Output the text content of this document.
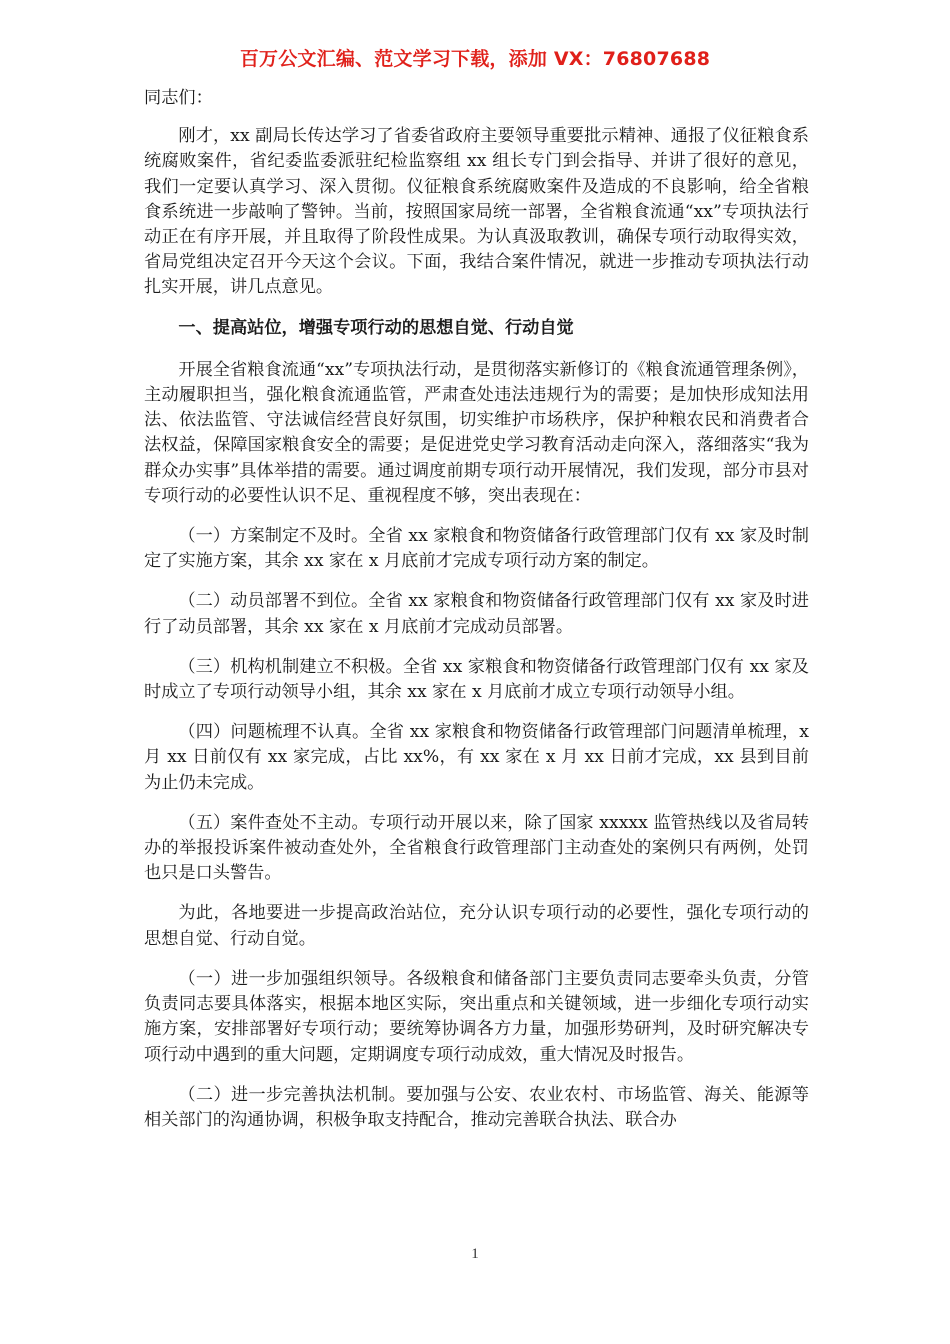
百万公文汇编、范文学习下载，添加 VX：76807688

同志们：

刚才，xx 副局长传达学习了省委省政府主要领导重要批示精神、通报了仪征粮食系统腐败案件，省纪委监委派驻纪检监察组 xx 组长专门到会指导、并讲了很好的意见，我们一定要认真学习、深入贯彻。仪征粮食系统腐败案件及造成的不良影响，给全省粮食系统进一步敲响了警钟。当前，按照国家局统一部署，全省粮食流通“xx”专项执法行动正在有序开展，并且取得了阶段性成果。为认真汲取教训，确保专项行动取得实效，省局党组决定召开今天这个会议。下面，我结合案件情况，就进一步推动专项执法行动扎实开展，讲几点意见。

一、提高站位，增强专项行动的思想自觉、行动自觉

开展全省粮食流通“xx”专项执法行动，是贯彻落实新修订的《粮食流通管理条例》，主动履职担当，强化粮食流通监管，严肃查处违法违规行为的需要；是加快形成知法用法、依法监管、守法诚信经营良好氛围，切实维护市场秩序，保护种粮农民和消费者合法权益，保障国家粮食安全的需要；是促进党史学习教育活动走向深入，落细落实“我为群众办实事”具体举措的需要。通过调度前期专项行动开展情况，我们发现，部分市县对专项行动的必要性认识不足、重视程度不够，突出表现在：

（一）方案制定不及时。全省 xx 家粮食和物资储备行政管理部门仅有 xx 家及时制定了实施方案，其余 xx 家在 x 月底前才完成专项行动方案的制定。

（二）动员部署不到位。全省 xx 家粮食和物资储备行政管理部门仅有 xx 家及时进行了动员部署，其余 xx 家在 x 月底前才完成动员部署。

（三）机构机制建立不积极。全省 xx 家粮食和物资储备行政管理部门仅有 xx 家及时成立了专项行动领导小组，其余 xx 家在 x 月底前才成立专项行动领导小组。

（四）问题梳理不认真。全省 xx 家粮食和物资储备行政管理部门问题清单梳理，x 月 xx 日前仅有 xx 家完成，占比 xx%，有 xx 家在 x 月 xx 日前才完成，xx 县到目前为止仍未完成。

（五）案件查处不主动。专项行动开展以来，除了国家 xxxxx 监管热线以及省局转办的举报投诉案件被动查处外，全省粮食行政管理部门主动查处的案例只有两例，处罚也只是口头警告。

为此，各地要进一步提高政治站位，充分认识专项行动的必要性，强化专项行动的思想自觉、行动自觉。

（一）进一步加强组织领导。各级粮食和储备部门主要负责同志要牵头负责，分管负责同志要具体落实，根据本地区实际，突出重点和关键领域，进一步细化专项行动实施方案，安排部署好专项行动；要统筹协调各方力量，加强形势研判，及时研究解决专项行动中遇到的重大问题，定期调度专项行动成效，重大情况及时报告。

（二）进一步完善执法机制。要加强与公安、农业农村、市场监管、海关、能源等相关部门的沟通协调，积极争取支持配合，推动完善联合执法、联合办

1
